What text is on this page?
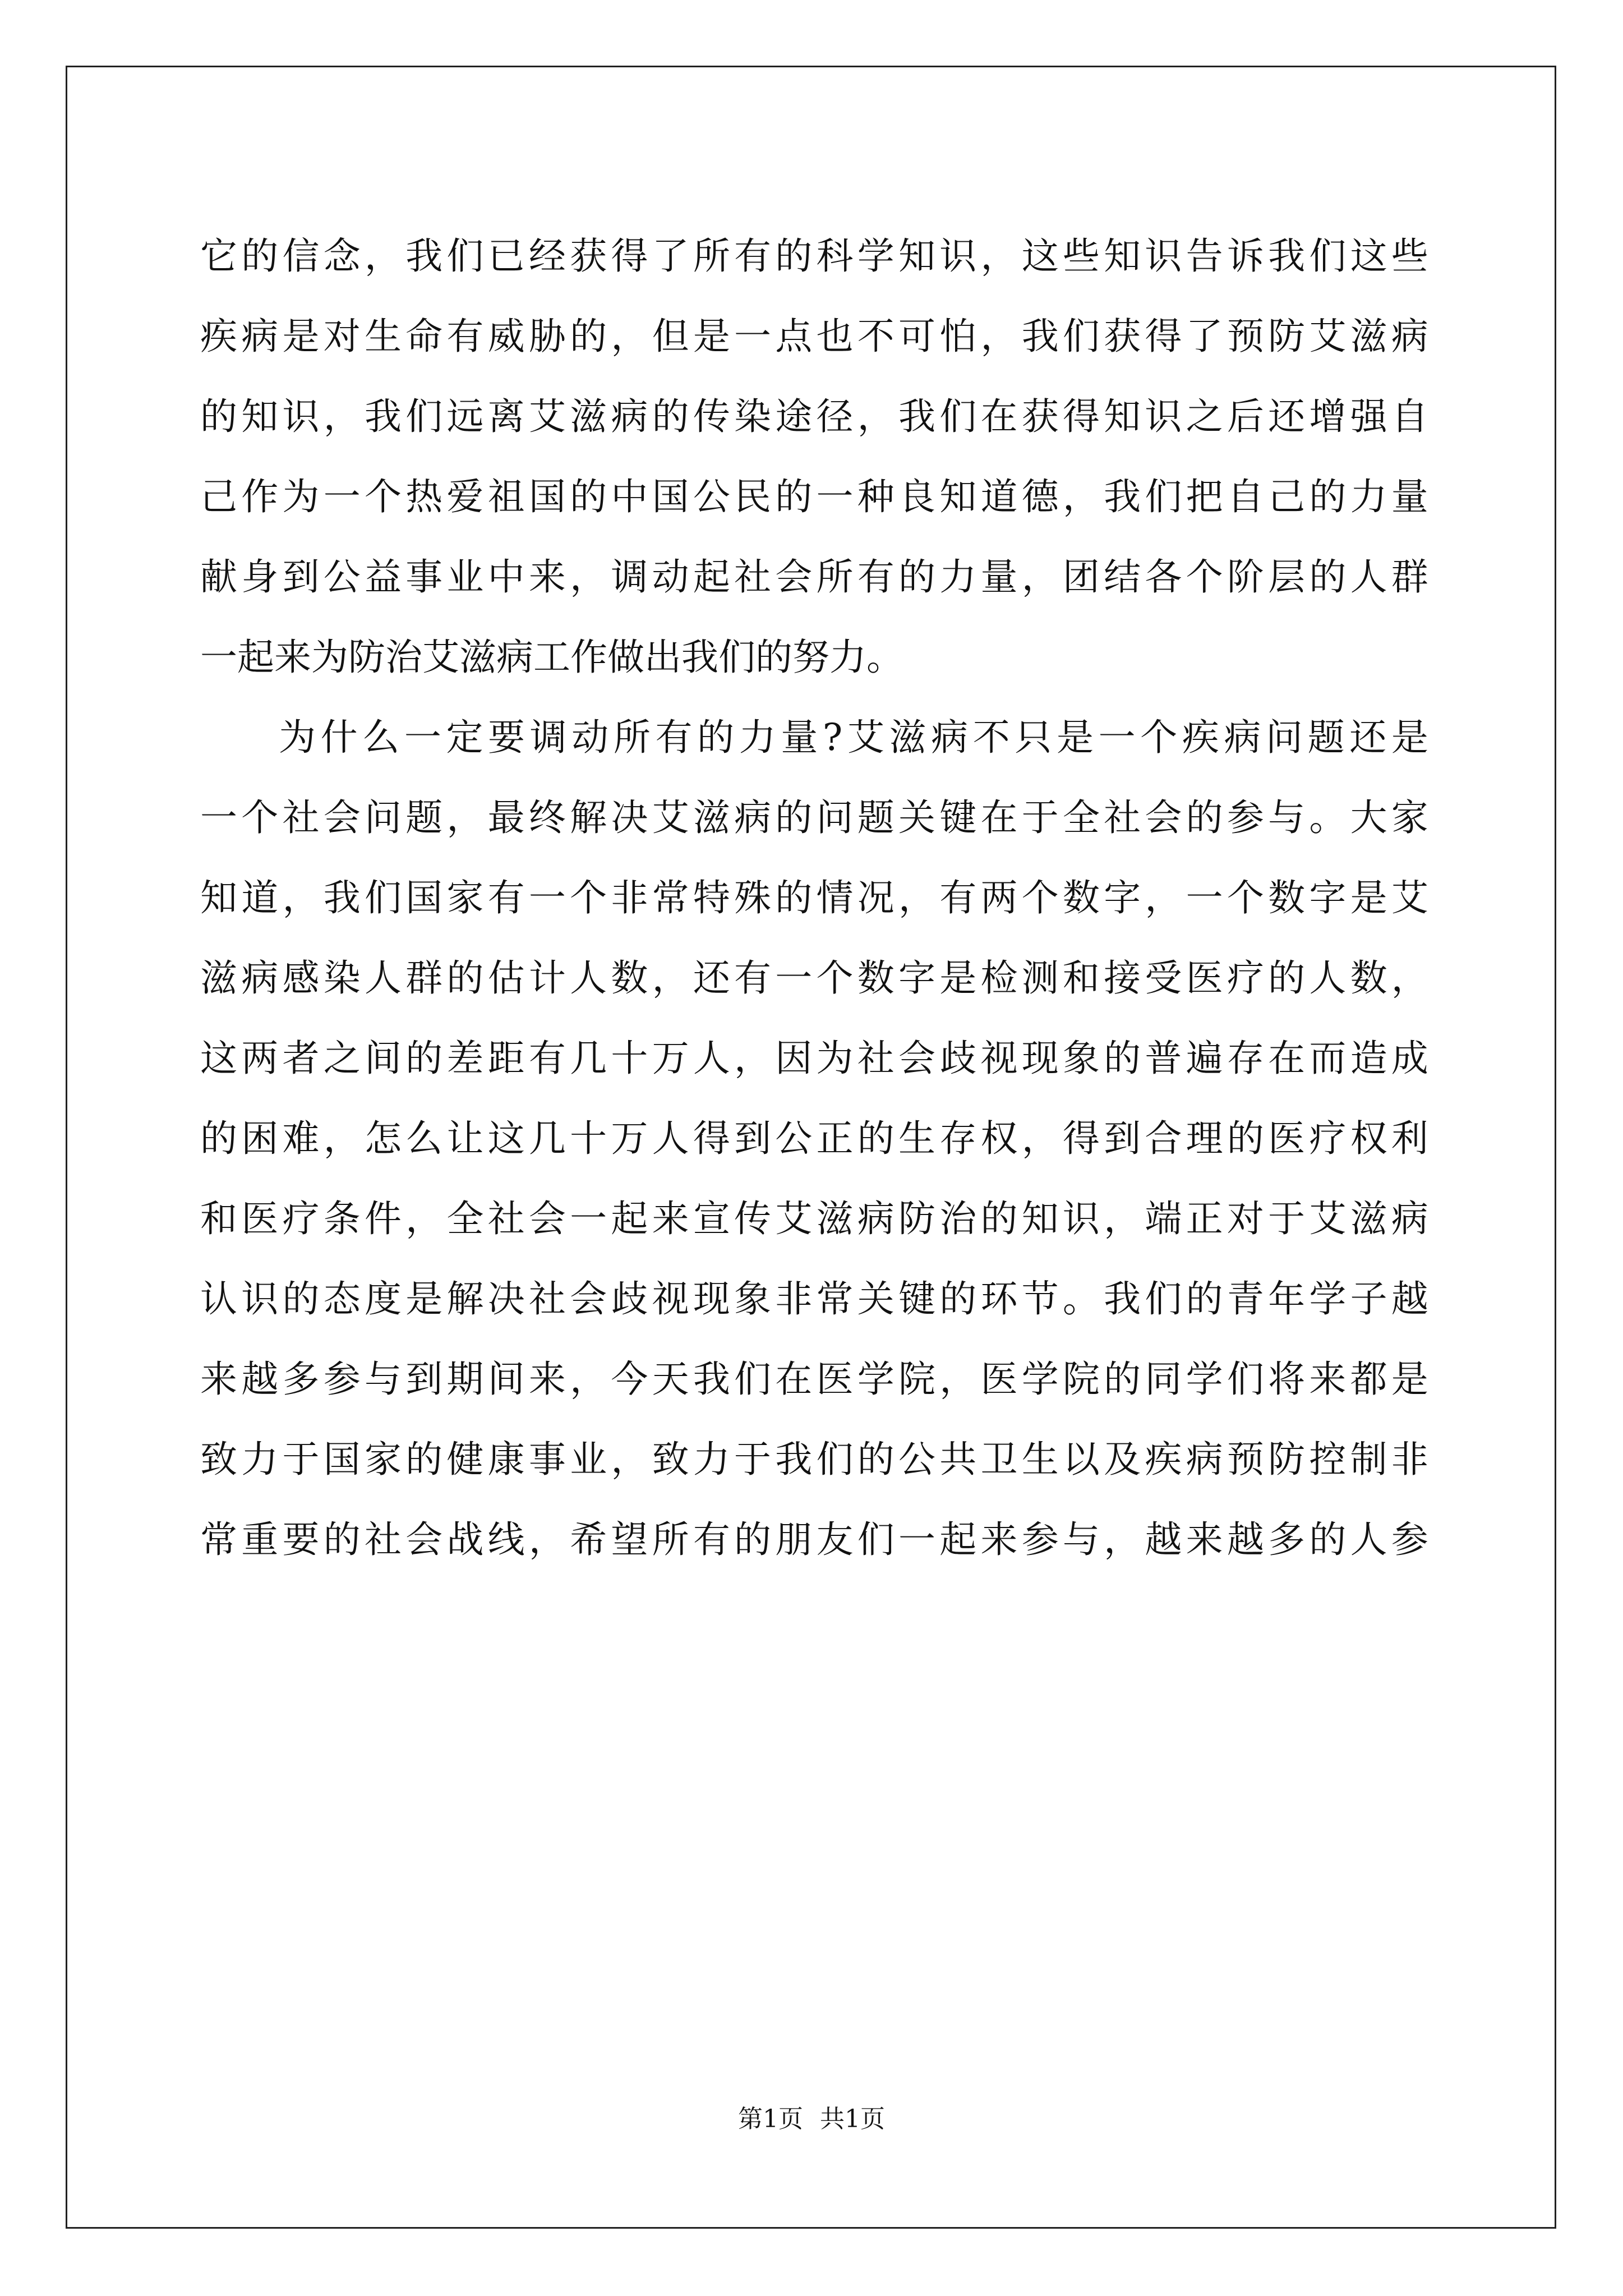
它 的 信 念 ， 我 们 已 经 获 得 了 所 有 的 科 学 知 识 ， 这 些 知 识 告 诉 我 们 这 些
疾 病 是 对 生 命 有 威 胁 的 ， 但 是 一 点 也 不 可 怕 ， 我 们 获 得 了 预 防 艾 滋 病
的 知 识 ， 我 们 远 离 艾 滋 病 的 传 染 途 径 ， 我 们 在 获 得 知 识 之 后 还 增 强 自
己 作 为 一 个 热 爱 祖 国 的 中 国 公 民 的 一 种 良 知 道 德 ， 我 们 把 自 己 的 力 量
献 身 到 公 益 事 业 中 来 ， 调 动 起 社 会 所 有 的 力 量 ， 团 结 各 个 阶 层 的 人 群
一起来为防治艾滋病工作做出我们的努力。
为 什 么 一 定 要 调 动 所 有 的 力 量 ? 艾 滋 病 不 只 是 一 个 疾 病 问 题 还 是
一 个 社 会 问 题 ， 最 终 解 决 艾 滋 病 的 问 题 关 键 在 于 全 社 会 的 参 与 。 大 家
知 道 ， 我 们 国 家 有 一 个 非 常 特 殊 的 情 况 ， 有 两 个 数 字 ， 一 个 数 字 是 艾
滋 病 感 染 人 群 的 估 计 人 数 ， 还 有 一 个 数 字 是 检 测 和 接 受 医 疗 的 人 数 ，
这 两 者 之 间 的 差 距 有 几 十 万 人 ， 因 为 社 会 歧 视 现 象 的 普 遍 存 在 而 造 成
的 困 难 ， 怎 么 让 这 几 十 万 人 得 到 公 正 的 生 存 权 ， 得 到 合 理 的 医 疗 权 利
和 医 疗 条 件 ， 全 社 会 一 起 来 宣 传 艾 滋 病 防 治 的 知 识 ， 端 正 对 于 艾 滋 病
认 识 的 态 度 是 解 决 社 会 歧 视 现 象 非 常 关 键 的 环 节 。 我 们 的 青 年 学 子 越
来 越 多 参 与 到 期 间 来 ， 今 天 我 们 在 医 学 院 ， 医 学 院 的 同 学 们 将 来 都 是
致 力 于 国 家 的 健 康 事 业 ， 致 力 于 我 们 的 公 共 卫 生 以 及 疾 病 预 防 控 制 非
常 重 要 的 社 会 战 线 ， 希 望 所 有 的 朋 友 们 一 起 来 参 与 ， 越 来 越 多 的 人 参
第1页 共1页
